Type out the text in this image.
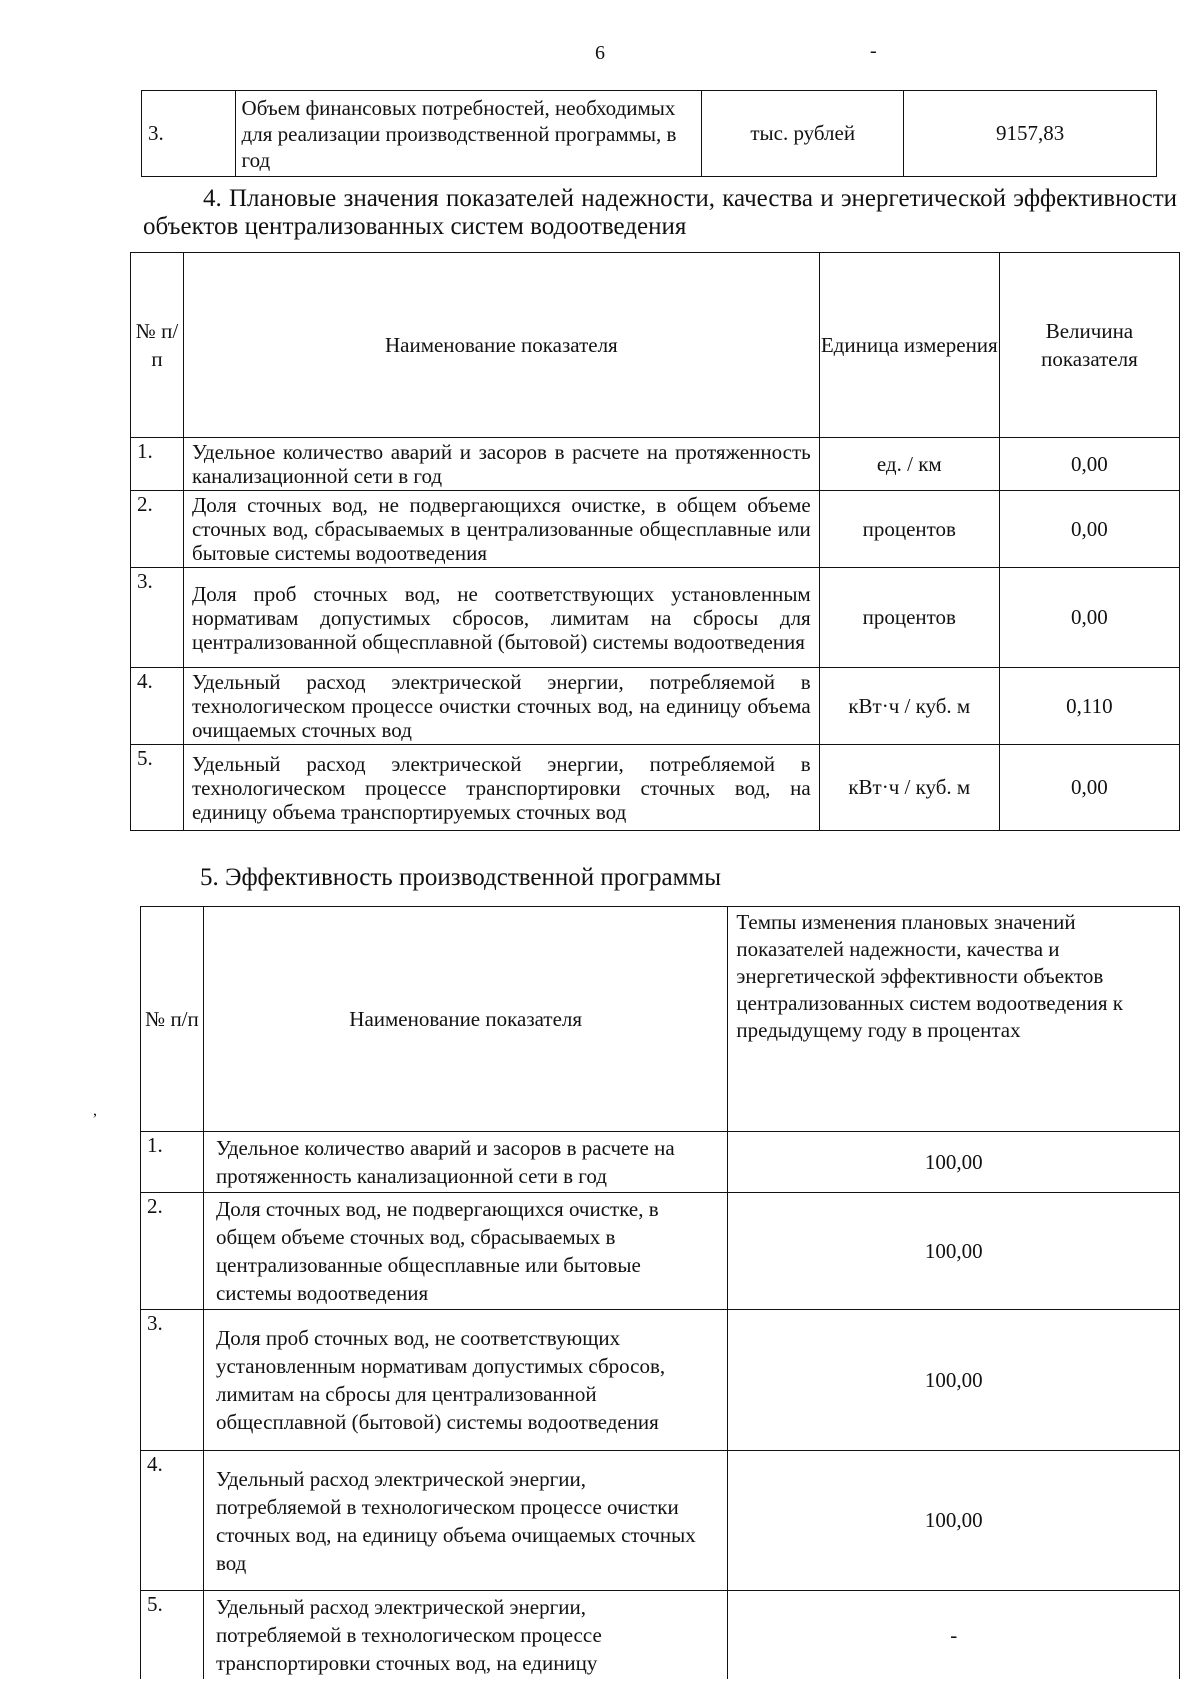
6	-
,
3.	Объем финансовых потребностей, необходимых для реализации производственной программы, в год	тыс. рублей	9157,83
4. Плановые значения показателей надежности, качества и энергетической эффективности объектов централизованных систем водоотведения
№ п/п	Наименование показателя	Единица измерения	Величина показателя
1.	Удельное количество аварий и засоров в расчете на протяженность канализационной сети в год	ед. / км	0,00
2.	Доля сточных вод, не подвергающихся очистке, в общем объеме сточных вод, сбрасываемых в централизованные общесплавные или бытовые системы водоотведения	процентов	0,00
3.	Доля проб сточных вод, не соответствующих установленным нормативам допустимых сбросов, лимитам на сбросы для централизованной общесплавной (бытовой) системы водоотведения	процентов	0,00
4.	Удельный расход электрической энергии, потребляемой в технологическом процессе очистки сточных вод, на единицу объема очищаемых сточных вод	кВт·ч / куб. м	0,110
5.	Удельный расход электрической энергии, потребляемой в технологическом процессе транспортировки сточных вод, на единицу объема транспортируемых сточных вод	кВт·ч / куб. м	0,00
5. Эффективность производственной программы
№ п/п	Наименование показателя	Темпы изменения плановых значений показателей надежности, качества и энергетической эффективности объектов централизованных систем водоотведения к предыдущему году в процентах
1.	Удельное количество аварий и засоров в расчете на протяженность канализационной сети в год	100,00
2.	Доля сточных вод, не подвергающихся очистке, в общем объеме сточных вод, сбрасываемых в централизованные общесплавные или бытовые системы водоотведения	100,00
3.	Доля проб сточных вод, не соответствующих установленным нормативам допустимых сбросов, лимитам на сбросы для централизованной общесплавной (бытовой) системы водоотведения	100,00
4.	Удельный расход электрической энергии, потребляемой в технологическом процессе очистки сточных вод, на единицу объема очищаемых сточных вод	100,00
5.	Удельный расход электрической энергии, потребляемой в технологическом процессе транспортировки сточных вод, на единицу	-
